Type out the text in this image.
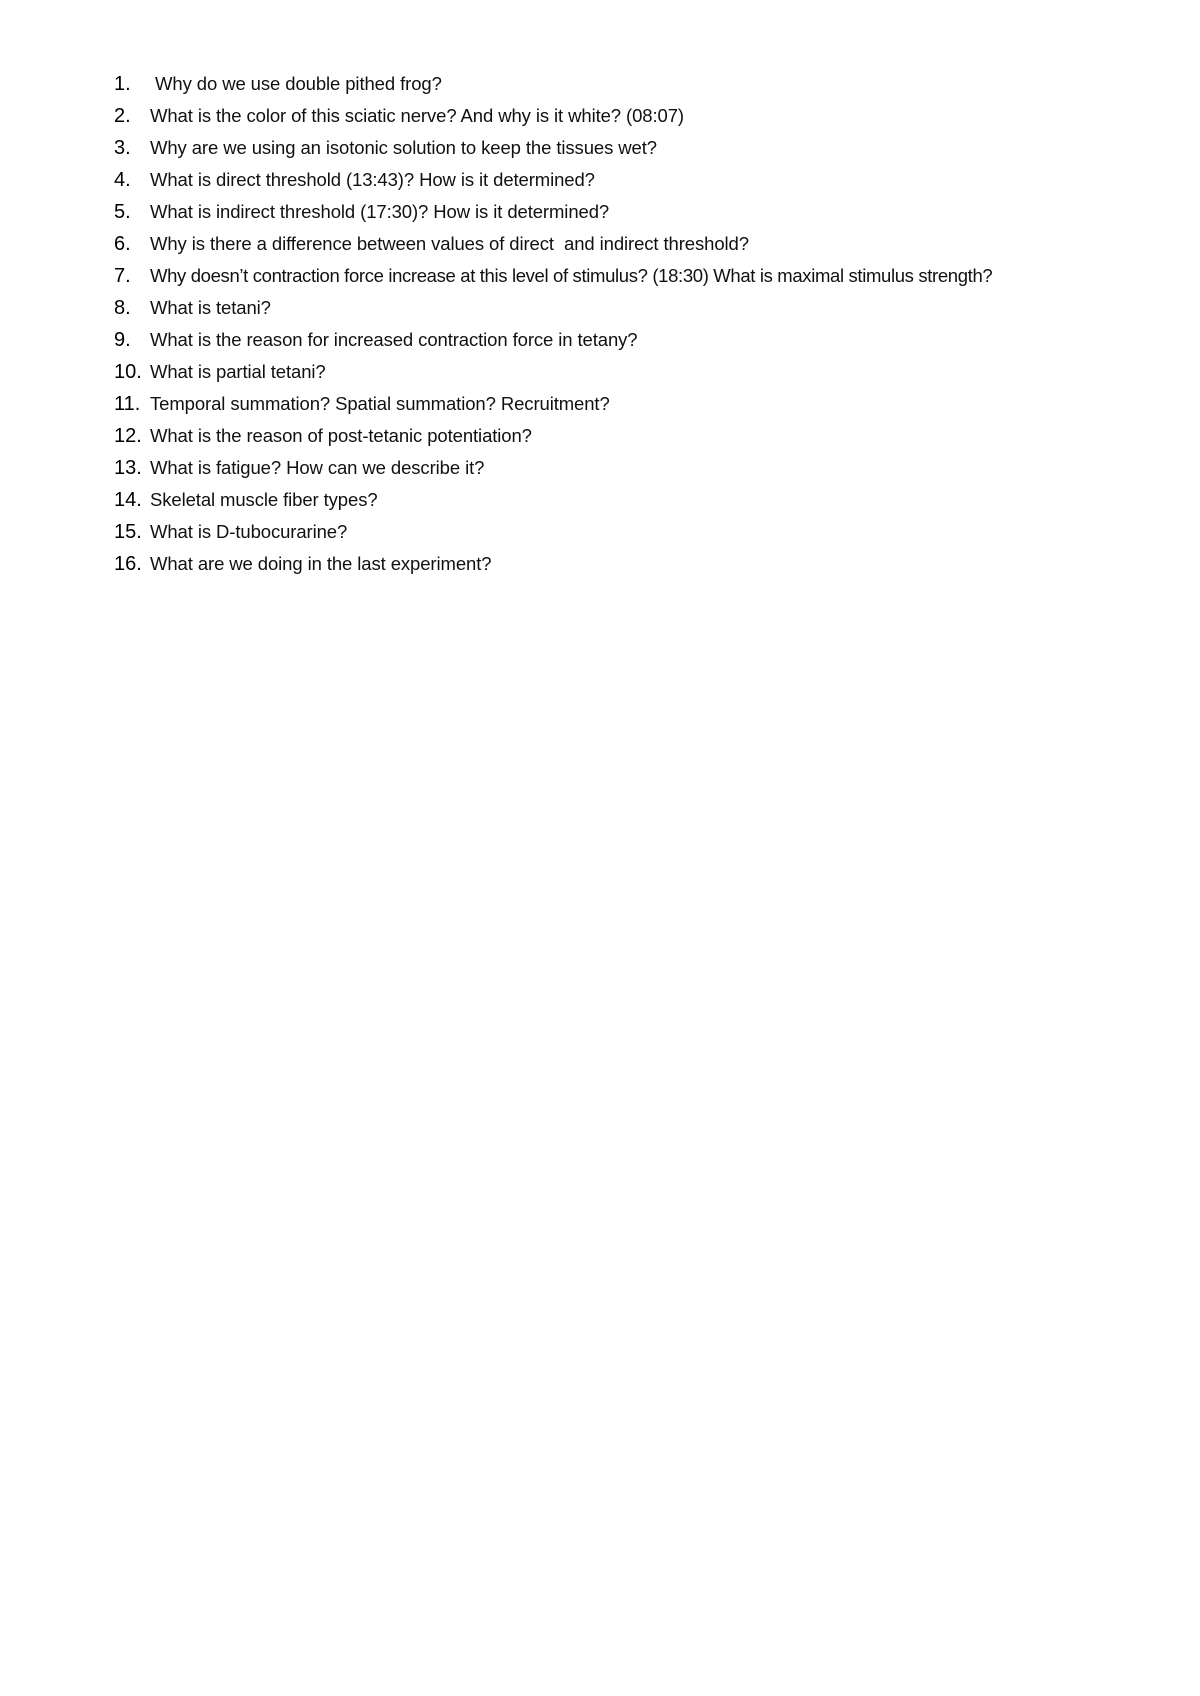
1.	Why do we use double pithed frog?
2.	What is the color of this sciatic nerve? And why is it white? (08:07)
3.	Why are we using an isotonic solution to keep the tissues wet?
4.	What is direct threshold (13:43)? How is it determined?
5.	What is indirect threshold (17:30)? How is it determined?
6.	Why is there a difference between values of direct  and indirect threshold?
7.	Why doesn’t contraction force increase at this level of stimulus? (18:30) What is maximal stimulus strength?
8.	What is tetani?
9.	What is the reason for increased contraction force in tetany?
10. What is partial tetani?
11. Temporal summation? Spatial summation? Recruitment?
12. What is the reason of post-tetanic potentiation?
13. What is fatigue? How can we describe it?
14. Skeletal muscle fiber types?
15. What is D-tubocurarine?
16. What are we doing in the last experiment?
